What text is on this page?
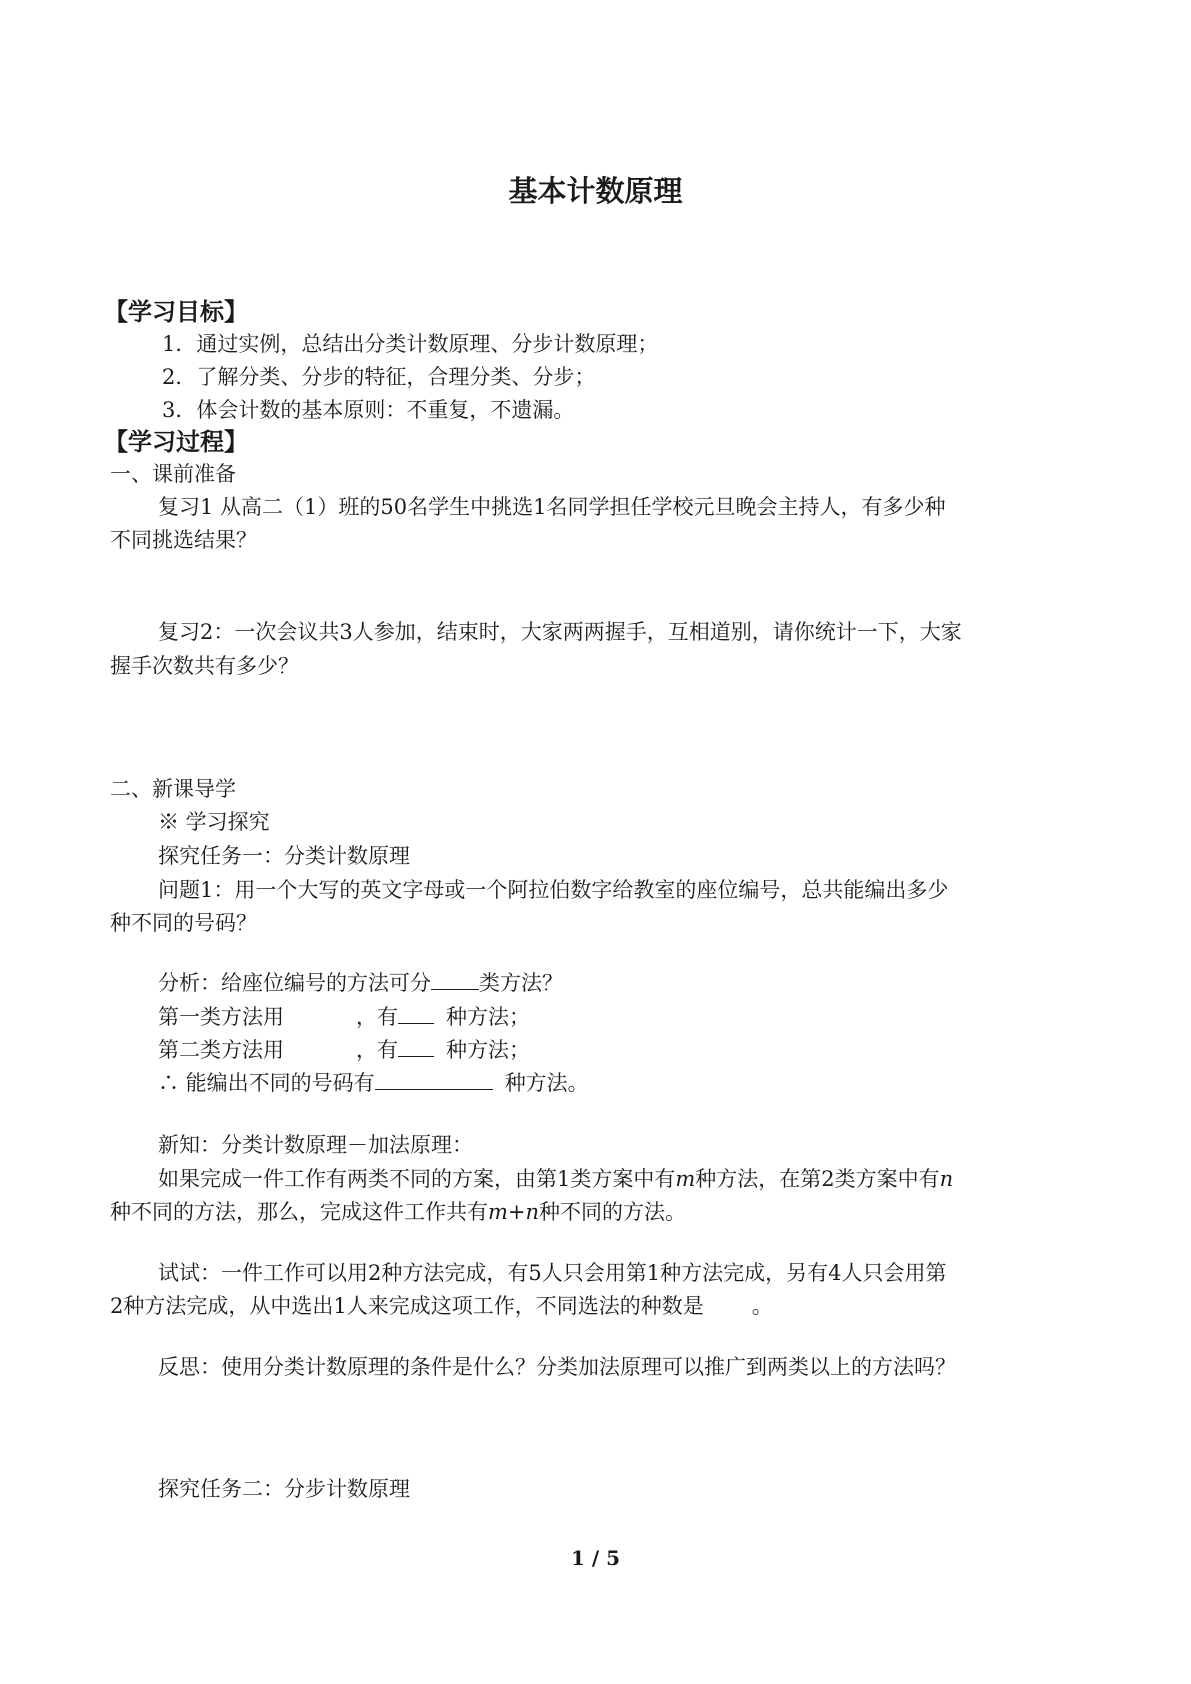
基本计数原理
【学习目标】
1．通过实例，总结出分类计数原理、分步计数原理；
2．了解分类、分步的特征，合理分类、分步；
3．体会计数的基本原则：不重复，不遗漏。
【学习过程】
一、课前准备
复习1 从高二（1）班的50名学生中挑选1名同学担任学校元旦晚会主持人，有多少种
不同挑选结果？
复习2：一次会议共3人参加，结束时，大家两两握手，互相道别，请你统计一下，大家
握手次数共有多少？
二、新课导学
※ 学习探究
探究任务一：分类计数原理
问题1：用一个大写的英文字母或一个阿拉伯数字给教室的座位编号，总共能编出多少
种不同的号码？
分析：给座位编号的方法可分 类方法？
第一类方法用	，有 种方法；
第二类方法用	，有 种方法；
∴ 能编出不同的号码有	种方法。
新知：分类计数原理－加法原理：
如果完成一件工作有两类不同的方案，由第1类方案中有m种方法，在第2类方案中有n
种不同的方法，那么，完成这件工作共有m+n种不同的方法。
试试：一件工作可以用2种方法完成，有5人只会用第1种方法完成，另有4人只会用第
2种方法完成，从中选出1人来完成这项工作，不同选法的种数是 。
反思：使用分类计数原理的条件是什么？分类加法原理可以推广到两类以上的方法吗？
探究任务二：分步计数原理
1 / 5
